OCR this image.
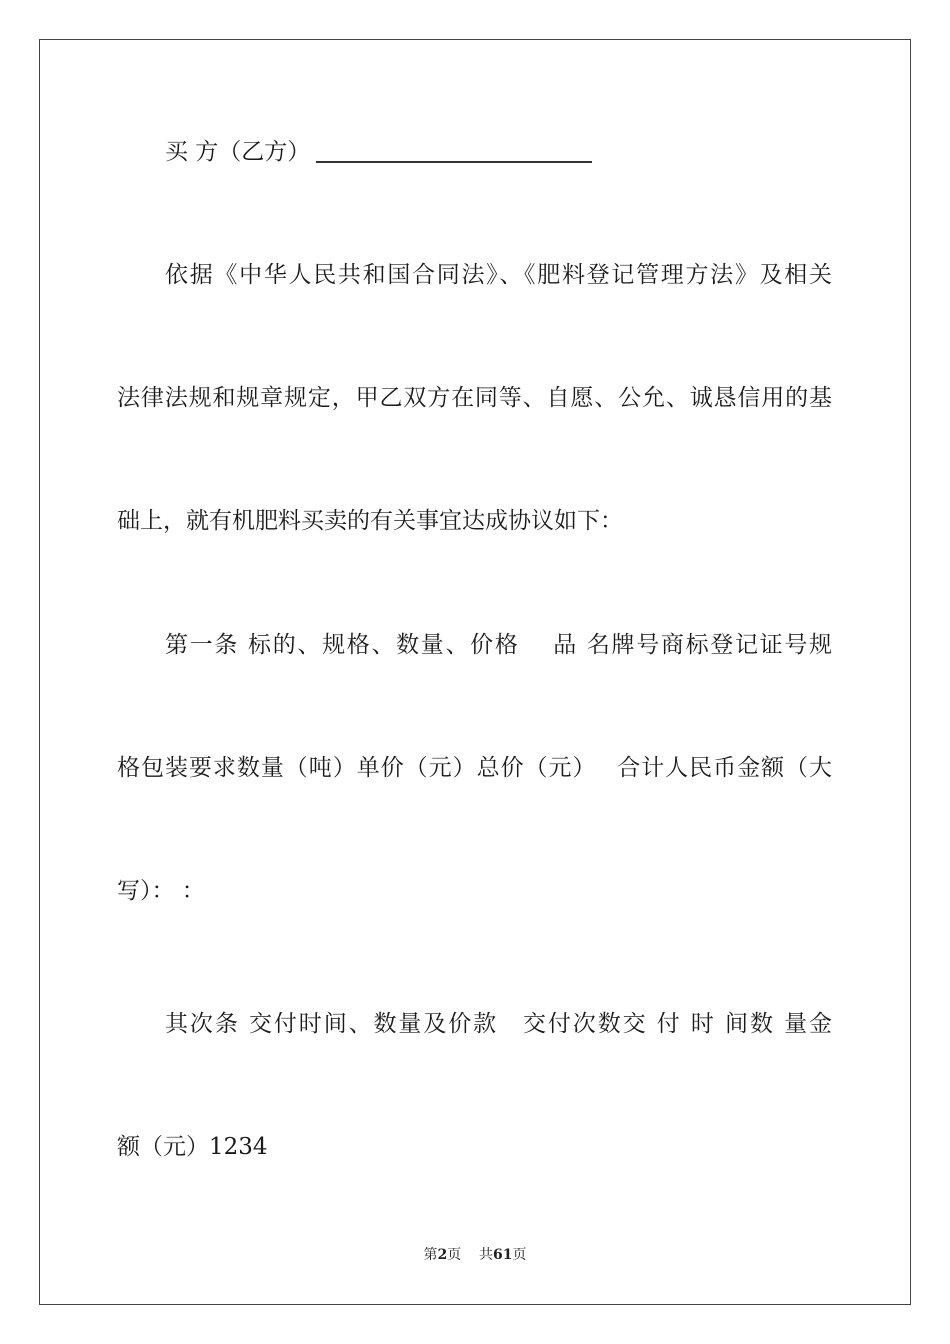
买 方（乙方）
依据《中华人民共和国合同法》、《肥料登记管理方法》及相关
法律法规和规章规定，甲乙双方在同等、自愿、公允、诚恳信用的基
础上，就有机肥料买卖的有关事宜达成协议如下：
第一条 标的、规格、数量、价格　 品 名牌号商标登记证号规
格包装要求数量（吨）单价（元）总价（元）　 合计人民币金额（大
写）： ：
其次条 交付时间、数量及价款　交付次数交 付 时 间数 量金
额（元）1234
第2页 共61页
